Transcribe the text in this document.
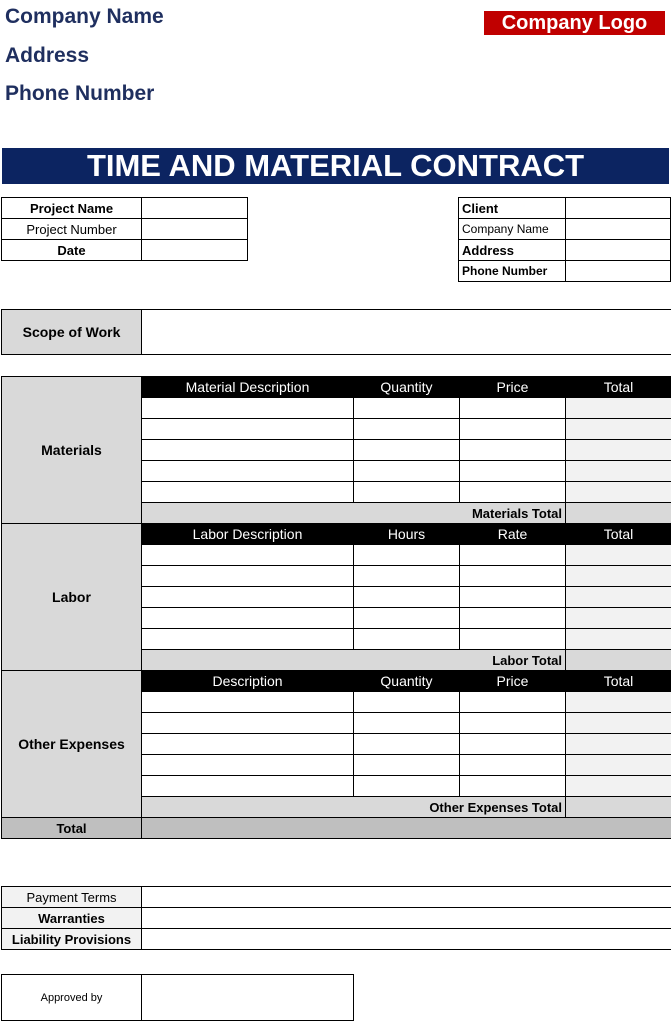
Company Name
Address
Phone Number
Company Logo
TIME AND MATERIAL CONTRACT
Project Name	
Project Number	
Date	
Client	
Company Name	
Address	
Phone Number	
Scope of Work	
Materials	Material Description	Quantity	Price	Total

	Materials Total			
Labor	Labor Description	Hours	Rate	Total

	Labor Total			
Other Expenses	Description	Quantity	Price	Total

	Other Expenses Total			
Total				
Payment Terms	
Warranties	
Liability Provisions	
Approved by	
